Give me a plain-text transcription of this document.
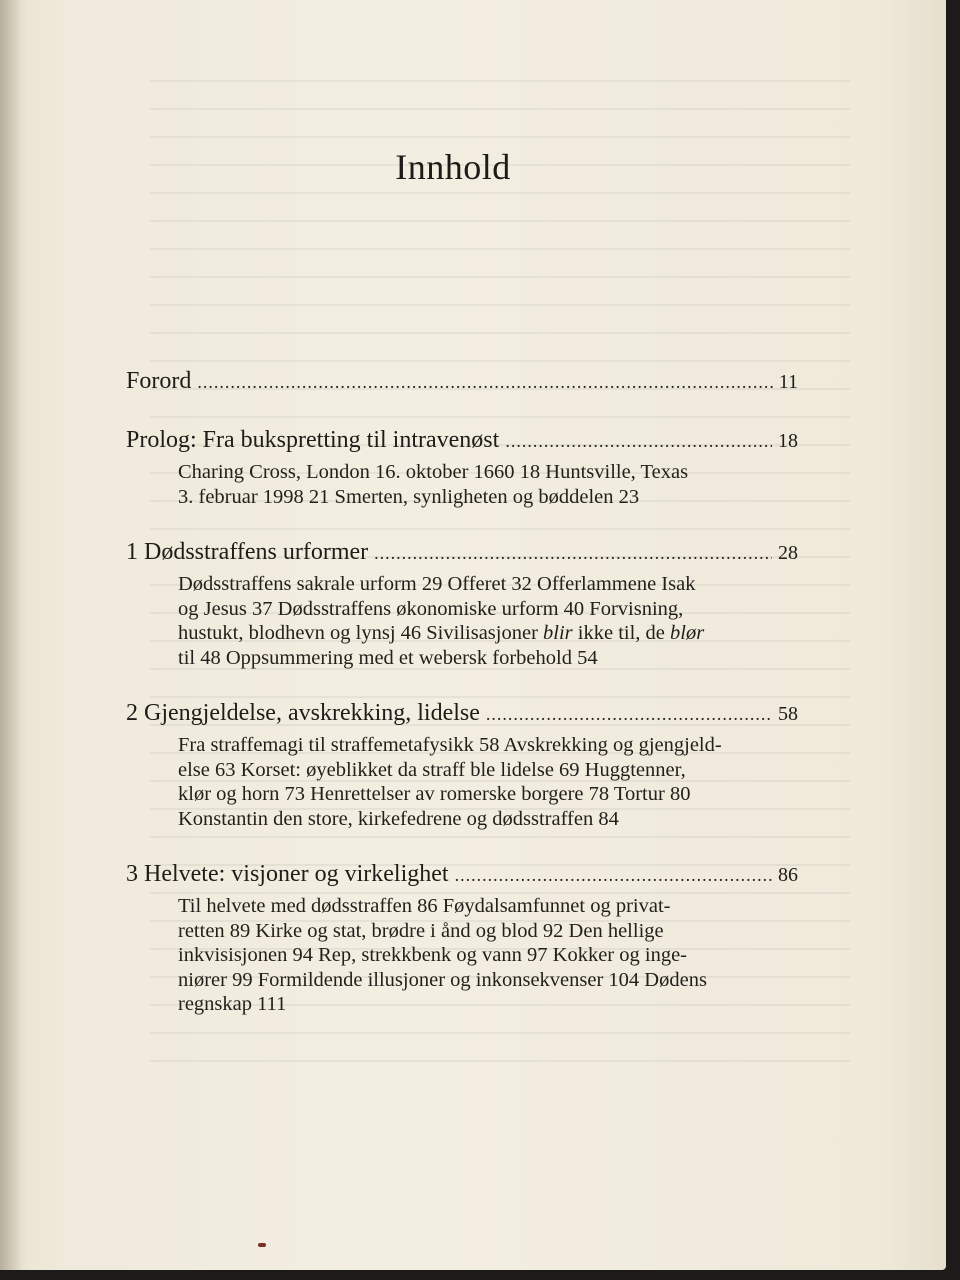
Innhold
Forord .....	11
Prolog: Fra bukspretting til intravenøst .....	18
Charing Cross, London 16. oktober 1660 18 Huntsville, Texas
3. februar 1998 21 Smerten, synligheten og bøddelen 23
1 Dødsstraffens urformer .....	28
Dødsstraffens sakrale urform 29 Offeret 32 Offerlammene Isak
og Jesus 37 Dødsstraffens økonomiske urform 40 Forvisning,
hustukt, blodhevn og lynsj 46 Sivilisasjoner blir ikke til, de blør
til 48 Oppsummering med et webersk forbehold 54
2 Gjengjeldelse, avskrekking, lidelse .....	58
Fra straffemagi til straffemetafysikk 58 Avskrekking og gjengjeld-
else 63 Korset: øyeblikket da straff ble lidelse 69 Huggtenner,
klør og horn 73 Henrettelser av romerske borgere 78 Tortur 80
Konstantin den store, kirkefedrene og dødsstraffen 84
3 Helvete: visjoner og virkelighet .....	86
Til helvete med dødsstraffen 86 Føydalsamfunnet og privat-
retten 89 Kirke og stat, brødre i ånd og blod 92 Den hellige
inkvisisjonen 94 Rep, strekkbenk og vann 97 Kokker og inge-
niører 99 Formildende illusjoner og inkonsekvenser 104 Dødens
regnskap 111
